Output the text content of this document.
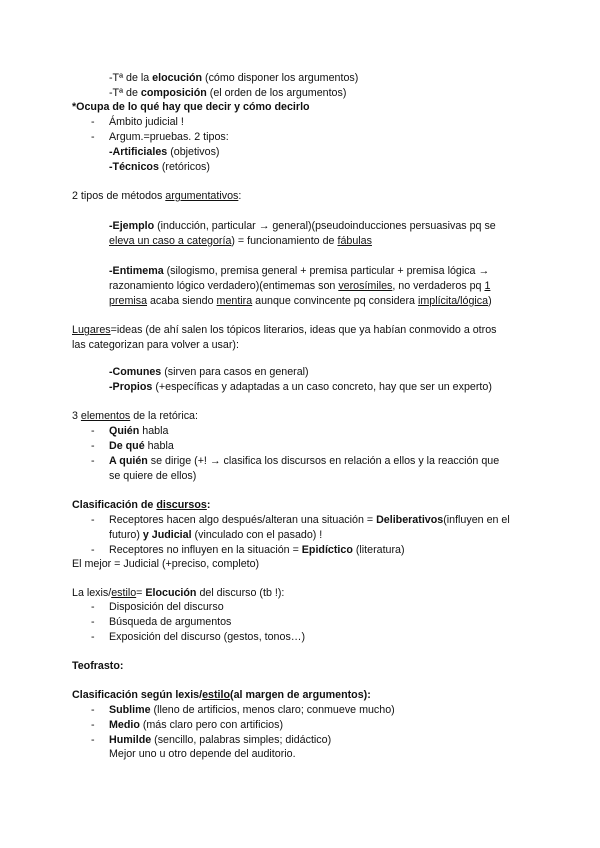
-Tª de la elocución (cómo disponer los argumentos)
-Tª de composición (el orden de los argumentos)
*Ocupa de lo qué hay que decir y cómo decirlo
- Ámbito judicial !
- Argum.=pruebas. 2 tipos:
-Artificiales (objetivos)
-Técnicos (retóricos)
2 tipos de métodos argumentativos:
-Ejemplo (inducción, particular → general)(pseudoinducciones persuasivas pq se
eleva un caso a categoría) = funcionamiento de fábulas
-Entimema (silogismo, premisa general + premisa particular + premisa lógica →
razonamiento lógico verdadero)(entimemas son verosímiles, no verdaderos pq 1
premisa acaba siendo mentira aunque convincente pq considera implícita/lógica)
Lugares=ideas (de ahí salen los tópicos literarios, ideas que ya habían conmovido a otros
las categorizan para volver a usar):
-Comunes (sirven para casos en general)
-Propios (+específicas y adaptadas a un caso concreto, hay que ser un experto)
3 elementos de la retórica:
- Quién habla
- De qué habla
- A quién se dirige (+! → clasifica los discursos en relación a ellos y la reacción que
se quiere de ellos)
Clasificación de discursos:
- Receptores hacen algo después/alteran una situación = Deliberativos(influyen en el
futuro) y Judicial (vinculado con el pasado) !
- Receptores no influyen en la situación = Epidíctico (literatura)
El mejor = Judicial (+preciso, completo)
La lexis/estilo= Elocución del discurso (tb !):
- Disposición del discurso
- Búsqueda de argumentos
- Exposición del discurso (gestos, tonos…)
Teofrasto:
Clasificación según lexis/estilo(al margen de argumentos):
- Sublime (lleno de artificios, menos claro; conmueve mucho)
- Medio (más claro pero con artificios)
- Humilde (sencillo, palabras simples; didáctico)
Mejor uno u otro depende del auditorio.
